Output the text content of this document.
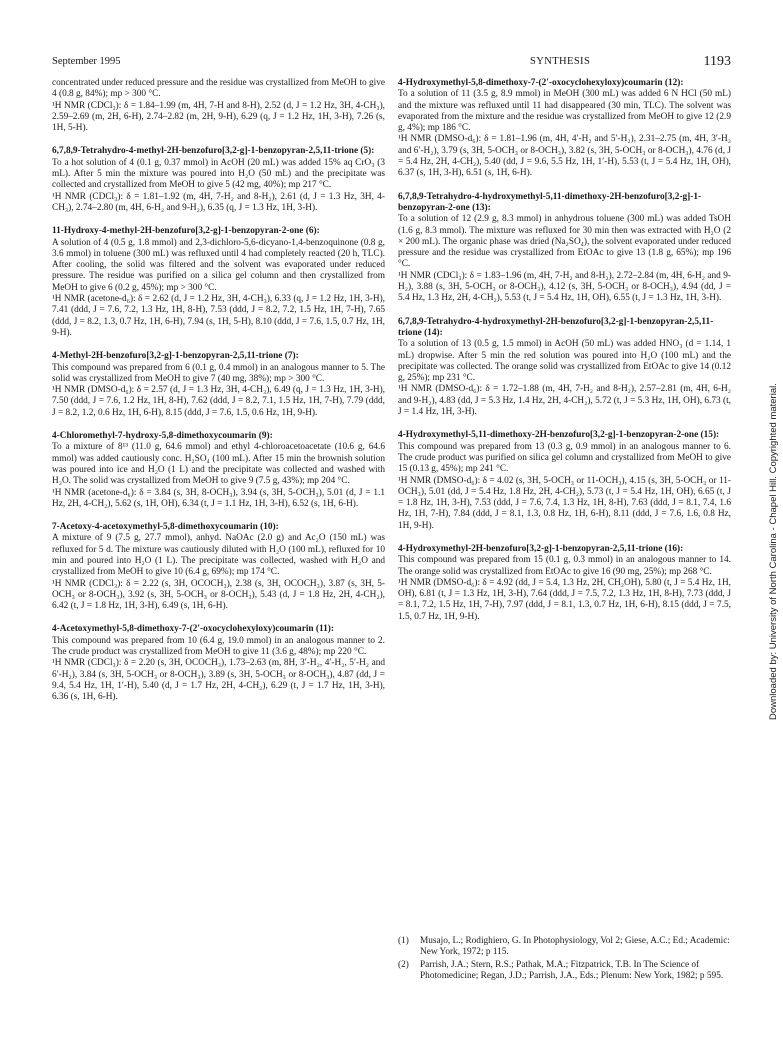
September 1995	SYNTHESIS	1193

concentrated under reduced pressure and the residue was crystallized from MeOH to give 4 (0.8 g, 84%); mp > 300 °C.

¹H NMR (CDCl₃): δ = 1.84–1.99 (m, 4H, 7-H and 8-H), 2.52 (d, J = 1.2 Hz, 3H, 4-CH₃), 2.59–2.69 (m, 2H, 6-H), 2.74–2.82 (m, 2H, 9-H), 6.29 (q, J = 1.2 Hz, 1H, 3-H), 7.26 (s, 1H, 5-H).

6,7,8,9-Tetrahydro-4-methyl-2H-benzofuro[3,2-g]-1-benzopyran-2,5,11-trione (5):

To a hot solution of 4 (0.1 g, 0.37 mmol) in AcOH (20 mL) was added 15% aq CrO₃ (3 mL). After 5 min the mixture was poured into H₂O (50 mL) and the precipitate was collected and crystallized from MeOH to give 5 (42 mg, 40%); mp 217 °C.

¹H NMR (CDCl₃): δ = 1.81–1.92 (m, 4H, 7-H₂ and 8-H₂), 2.61 (d, J = 1.3 Hz, 3H, 4-CH₃), 2.74–2.80 (m, 4H, 6-H₂ and 9-H₂), 6.35 (q, J = 1.3 Hz, 1H, 3-H).

11-Hydroxy-4-methyl-2H-benzofuro[3,2-g]-1-benzopyran-2-one (6):

A solution of 4 (0.5 g, 1.8 mmol) and 2,3-dichloro-5,6-dicyano-1,4-benzoquinone (0.8 g, 3.6 mmol) in toluene (300 mL) was refluxed until 4 had completely reacted (20 h, TLC). After cooling, the solid was filtered and the solvent was evaporated under reduced pressure. The residue was purified on a silica gel column and then crystallized from MeOH to give 6 (0.2 g, 45%); mp > 300 °C.

¹H NMR (acetone-d₆): δ = 2.62 (d, J = 1.2 Hz, 3H, 4-CH₃), 6.33 (q, J = 1.2 Hz, 1H, 3-H), 7.41 (ddd, J = 7.6, 7.2, 1.3 Hz, 1H, 8-H), 7.53 (ddd, J = 8.2, 7.2, 1.5 Hz, 1H, 7-H), 7.65 (ddd, J = 8.2, 1.3, 0.7 Hz, 1H, 6-H), 7.94 (s, 1H, 5-H), 8.10 (ddd, J = 7.6, 1.5, 0.7 Hz, 1H, 9-H).

4-Methyl-2H-benzofuro[3,2-g]-1-benzopyran-2,5,11-trione (7):

This compound was prepared from 6 (0.1 g, 0.4 mmol) in an analogous manner to 5. The solid was crystallized from MeOH to give 7 (40 mg, 38%); mp > 300 °C.

¹H NMR (DMSO-d₆): δ = 2.57 (d, J = 1.3 Hz, 3H, 4-CH₃), 6.49 (q, J = 1.3 Hz, 1H, 3-H), 7.50 (ddd, J = 7.6, 1.2 Hz, 1H, 8-H), 7.62 (ddd, J = 8.2, 7.1, 1.5 Hz, 1H, 7-H), 7.79 (ddd, J = 8.2, 1.2, 0.6 Hz, 1H, 6-H), 8.15 (ddd, J = 7.6, 1.5, 0.6 Hz, 1H, 9-H).

4-Chloromethyl-7-hydroxy-5,8-dimethoxycoumarin (9):

To a mixture of 8¹³ (11.0 g, 64.6 mmol) and ethyl 4-chloroacetoacetate (10.6 g, 64.6 mmol) was added cautiously conc. H₂SO₄ (100 mL). After 15 min the brownish solution was poured into ice and H₂O (1 L) and the precipitate was collected and washed with H₂O. The solid was crystallized from MeOH to give 9 (7.5 g, 43%); mp 204 °C.

¹H NMR (acetone-d₆): δ = 3.84 (s, 3H, 8-OCH₃), 3.94 (s, 3H, 5-OCH₃), 5.01 (d, J = 1.1 Hz, 2H, 4-CH₂), 5.62 (s, 1H, OH), 6.34 (t, J = 1.1 Hz, 1H, 3-H), 6.52 (s, 1H, 6-H).

7-Acetoxy-4-acetoxymethyl-5,8-dimethoxycoumarin (10):

A mixture of 9 (7.5 g, 27.7 mmol), anhyd. NaOAc (2.0 g) and Ac₂O (150 mL) was refluxed for 5 d. The mixture was cautiously diluted with H₂O (100 mL), refluxed for 10 min and poured into H₂O (1 L). The precipitate was collected, washed with H₂O and crystallized from MeOH to give 10 (6.4 g, 69%); mp 174 °C.

¹H NMR (CDCl₃): δ = 2.22 (s, 3H, OCOCH₃), 2.38 (s, 3H, OCOCH₃), 3.87 (s, 3H, 5-OCH₃ or 8-OCH₃), 3.92 (s, 3H, 5-OCH₃ or 8-OCH₃), 5.43 (d, J = 1.8 Hz, 2H, 4-CH₂), 6.42 (t, J = 1.8 Hz, 1H, 3-H), 6.49 (s, 1H, 6-H).

4-Acetoxymethyl-5,8-dimethoxy-7-(2′-oxocyclohexyloxy)coumarin (11):

This compound was prepared from 10 (6.4 g, 19.0 mmol) in an analogous manner to 2. The crude product was crystallized from MeOH to give 11 (3.6 g, 48%); mp 220 °C.

¹H NMR (CDCl₃): δ = 2.20 (s, 3H, OCOCH₃), 1.73–2.63 (m, 8H, 3′-H₂, 4′-H₂, 5′-H₂ and 6′-H₂), 3.84 (s, 3H, 5-OCH₃ or 8-OCH₃), 3.89 (s, 3H, 5-OCH₃ or 8-OCH₃), 4.87 (dd, J = 9.4, 5.4 Hz, 1H, 1′-H), 5.40 (d, J = 1.7 Hz, 2H, 4-CH₂), 6.29 (t, J = 1.7 Hz, 1H, 3-H), 6.36 (s, 1H, 6-H).

4-Hydroxymethyl-5,8-dimethoxy-7-(2′-oxocyclohexyloxy)coumarin (12):

To a solution of 11 (3.5 g, 8.9 mmol) in MeOH (300 mL) was added 6 N HCl (50 mL) and the mixture was refluxed until 11 had disappeared (30 min, TLC). The solvent was evaporated from the mixture and the residue was crystallized from MeOH to give 12 (2.9 g, 4%); mp 186 °C.

¹H NMR (DMSO-d₆): δ = 1.81–1.96 (m, 4H, 4′-H₂ and 5′-H₂), 2.31–2.75 (m, 4H, 3′-H₂ and 6′-H₂), 3.79 (s, 3H, 5-OCH₃ or 8-OCH₃), 3.82 (s, 3H, 5-OCH₃ or 8-OCH₃), 4.76 (d, J = 5.4 Hz, 2H, 4-CH₂), 5.40 (dd, J = 9.6, 5.5 Hz, 1H, 1′-H), 5.53 (t, J = 5.4 Hz, 1H, OH), 6.37 (s, 1H, 3-H), 6.51 (s, 1H, 6-H).

6,7,8,9-Tetrahydro-4-hydroxymethyl-5,11-dimethoxy-2H-benzofuro[3,2-g]-1-benzopyran-2-one (13):

To a solution of 12 (2.9 g, 8.3 mmol) in anhydrous toluene (300 mL) was added TsOH (1.6 g, 8.3 mmol). The mixture was refluxed for 30 min then was extracted with H₂O (2 × 200 mL). The organic phase was dried (Na₂SO₄), the solvent evaporated under reduced pressure and the residue was crystallized from EtOAc to give 13 (1.8 g, 65%); mp 196 °C.

¹H NMR (CDCl₃): δ = 1.83–1.96 (m, 4H, 7-H₂ and 8-H₂), 2.72–2.84 (m, 4H, 6-H₂ and 9-H₂), 3.88 (s, 3H, 5-OCH₃ or 8-OCH₃), 4.12 (s, 3H, 5-OCH₃ or 8-OCH₃), 4.94 (dd, J = 5.4 Hz, 1.3 Hz, 2H, 4-CH₂), 5.53 (t, J = 5.4 Hz, 1H, OH), 6.55 (t, J = 1.3 Hz, 1H, 3-H).

6,7,8,9-Tetrahydro-4-hydroxymethyl-2H-benzofuro[3,2-g]-1-benzopyran-2,5,11-trione (14):

To a solution of 13 (0.5 g, 1.5 mmol) in AcOH (50 mL) was added HNO₃ (d = 1.14, 1 mL) dropwise. After 5 min the red solution was poured into H₂O (100 mL) and the precipitate was collected. The orange solid was crystallized from EtOAc to give 14 (0.12 g, 25%); mp 231 °C.

¹H NMR (DMSO-d₆): δ = 1.72–1.88 (m, 4H, 7-H₂ and 8-H₂), 2.57–2.81 (m, 4H, 6-H₂ and 9-H₂), 4.83 (dd, J = 5.3 Hz, 1.4 Hz, 2H, 4-CH₂), 5.72 (t, J = 5.3 Hz, 1H, OH), 6.73 (t, J = 1.4 Hz, 1H, 3-H).

4-Hydroxymethyl-5,11-dimethoxy-2H-benzofuro[3,2-g]-1-benzopyran-2-one (15):

This compound was prepared from 13 (0.3 g, 0.9 mmol) in an analogous manner to 6. The crude product was purified on silica gel column and crystallized from MeOH to give 15 (0.13 g, 45%); mp 241 °C.

¹H NMR (DMSO-d₆): δ = 4.02 (s, 3H, 5-OCH₃ or 11-OCH₃), 4.15 (s, 3H, 5-OCH₃ or 11-OCH₃), 5.01 (dd, J = 5.4 Hz, 1.8 Hz, 2H, 4-CH₂), 5.73 (t, J = 5.4 Hz, 1H, OH), 6.65 (t, J = 1.8 Hz, 1H, 3-H), 7.53 (ddd, J = 7.6, 7.4, 1.3 Hz, 1H, 8-H), 7.63 (ddd, J = 8.1, 7.4, 1.6 Hz, 1H, 7-H), 7.84 (ddd, J = 8.1, 1.3, 0.8 Hz, 1H, 6-H), 8.11 (ddd, J = 7.6, 1.6, 0.8 Hz, 1H, 9-H).

4-Hydroxymethyl-2H-benzofuro[3,2-g]-1-benzopyran-2,5,11-trione (16):

This compound was prepared from 15 (0.1 g, 0.3 mmol) in an analogous manner to 14. The orange solid was crystallized from EtOAc to give 16 (90 mg, 25%); mp 268 °C.

¹H NMR (DMSO-d₆): δ = 4.92 (dd, J = 5.4, 1.3 Hz, 2H, CH₂OH), 5.80 (t, J = 5.4 Hz, 1H, OH), 6.81 (t, J = 1.3 Hz, 1H, 3-H), 7.64 (ddd, J = 7.5, 7.2, 1.3 Hz, 1H, 8-H), 7.73 (ddd, J = 8.1, 7.2, 1.5 Hz, 1H, 7-H), 7.97 (ddd, J = 8.1, 1.3, 0.7 Hz, 1H, 6-H), 8.15 (ddd, J = 7.5, 1.5, 0.7 Hz, 1H, 9-H).

(1)	Musajo, L.; Rodighiero, G. In Photophysiology, Vol 2; Giese, A.C.; Ed.; Academic: New York, 1972; p 115.
(2)	Parrish, J.A.; Stern, R.S.; Pathak, M.A.; Fitzpatrick, T.B. In The Science of Photomedicine; Regan, J.D.; Parrish, J.A., Eds.; Plenum: New York, 1982; p 595.
Downloaded by: University of North Carolina - Chapel Hill. Copyrighted material.
